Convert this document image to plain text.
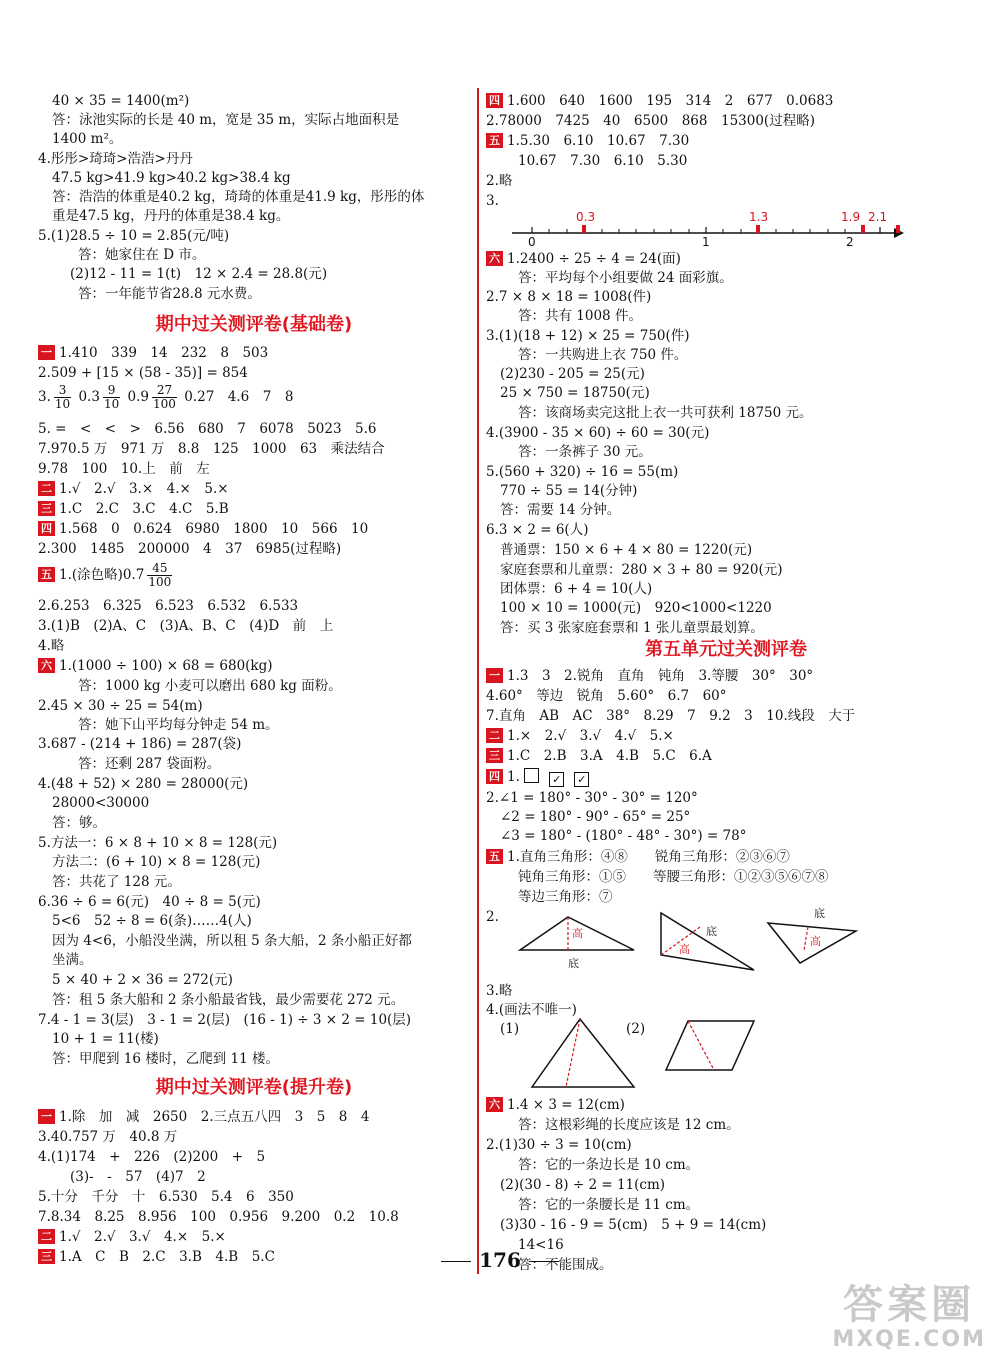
40 × 35 = 1400(m²)
答：泳池实际的长是 40 m，宽是 35 m，实际占地面积是
1400 m²。
4.彤彤>琦琦>浩浩>丹丹
47.5 kg>41.9 kg>40.2 kg>38.4 kg
答：浩浩的体重是40.2 kg，琦琦的体重是41.9 kg，彤彤的体
重是47.5 kg，丹丹的体重是38.4 kg。
5.(1)28.5 ÷ 10 = 2.85(元/吨)
答：她家住在 D 市。
(2)12 - 11 = 1(t)　12 × 2.4 = 28.8(元)
答：一年能节省28.8 元水费。
期中过关测评卷(基础卷)
一 1.410　339　14　232　8　503
2.509 + [15 × (58 - 35)] = 854
3. $\frac{3}{10} 0.3 \frac{9}{10} 0.9 \frac{27}{100} 0.27$　4.6　7　8
5. =　<　<　>　6.56　680　7　6078　5023　5.6
7.970.5 万　971 万　8.8　125　1000　63　乘法结合
9.78　100　10.上　前　左
二 1.√　2.√　3.×　4.×　5.×
三 1.C　2.C　3.C　4.C　5.B
四 1.568　0　0.624　6980　1800　10　566　10
2.300　1485　200000　4　37　6985(过程略)
五 1.(涂色略)$0.7 \frac{45}{100}$
2.6.253　6.325　6.523　6.532　6.533
3.(1)B　(2)A、C　(3)A、B、C　(4)D　前　上
4.略
六 1.(1000 ÷ 100) × 68 = 680(kg)
答：1000 kg 小麦可以磨出 680 kg 面粉。
2.45 × 30 ÷ 25 = 54(m)
答：她下山平均每分钟走 54 m。
3.687 - (214 + 186) = 287(袋)
答：还剩 287 袋面粉。
4.(48 + 52) × 280 = 28000(元)
28000<30000
答：够。
5.方法一：6 × 8 + 10 × 8 = 128(元)
方法二：(6 + 10) × 8 = 128(元)
答：共花了 128 元。
6.36 ÷ 6 = 6(元)　40 ÷ 8 = 5(元)
5<6　52 ÷ 8 = 6(条)……4(人)
因为 4<6，小船没坐满，所以租 5 条大船，2 条小船正好都
坐满。
5 × 40 + 2 × 36 = 272(元)
答：租 5 条大船和 2 条小船最省钱，最少需要花 272 元。
7.4 - 1 = 3(层)　3 - 1 = 2(层)　(16 - 1) ÷ 3 × 2 = 10(层)
10 + 1 = 11(楼)
答：甲爬到 16 楼时，乙爬到 11 楼。
期中过关测评卷(提升卷)
一 1.除　加　减　2650　2.三点五八四　3　5　8　4
3.40.757 万　40.8 万
4.(1)174　+　226　(2)200　+　5
(3)-　-　57　(4)7　2
5.十分　千分　十　6.530　5.4　6　350
7.8.34　8.25　8.956　100　0.956　9.200　0.2　10.8
二 1.√　2.√　3.√　4.×　5.×
三 1.A　C　B　2.C　3.B　4.B　5.C
四 1.600　640　1600　195　314　2　677　0.0683
2.78000　7425　40　6500　868　15300(过程略)
五 1.5.30　6.10　10.67　7.30
10.67　7.30　6.10　5.30
2.略
3.
0.3	1.3	1.9 2.1
0	1	2
六 1.2400 ÷ 25 ÷ 4 = 24(面)
答：平均每个小组要做 24 面彩旗。
2.7 × 8 × 18 = 1008(件)
答：共有 1008 件。
3.(1)(18 + 12) × 25 = 750(件)
答：一共购进上衣 750 件。
(2)230 - 205 = 25(元)
25 × 750 = 18750(元)
答：该商场卖完这批上衣一共可获利 18750 元。
4.(3900 - 35 × 60) ÷ 60 = 30(元)
答：一条裤子 30 元。
5.(560 + 320) ÷ 16 = 55(m)
770 ÷ 55 = 14(分钟)
答：需要 14 分钟。
6.3 × 2 = 6(人)
普通票：150 × 6 + 4 × 80 = 1220(元)
家庭套票和儿童票：280 × 3 + 80 = 920(元)
团体票：6 + 4 = 10(人)
100 × 10 = 1000(元)　920<1000<1220
答：买 3 张家庭套票和 1 张儿童票最划算。
第五单元过关测评卷
一 1.3　3　2.锐角　直角　钝角　3.等腰　30°　30°
4.60°　等边　锐角　5.60°　6.7　60°
7.直角　AB　AC　38°　8.29　7　9.2　3　10.线段　大于
二 1.×　2.√　3.√　4.√　5.×
三 1.C　2.B　3.A　4.B　5.C　6.A
四 1.	✓ ✓
2.∠1 = 180° - 30° - 30° = 120°
∠2 = 180° - 90° - 65° = 25°
∠3 = 180° - (180° - 48° - 30°) = 78°
五 1.直角三角形：④⑧　　锐角三角形：②③⑥⑦
钝角三角形：①⑤　　等腰三角形：①②③⑤⑥⑦⑧
等边三角形：⑦
2.
高
底
高
底
高
底
3.略
4.(画法不唯一)
(1)	(2)
六 1.4 × 3 = 12(cm)
答：这根彩绳的长度应该是 12 cm。
2.(1)30 ÷ 3 = 10(cm)
答：它的一条边长是 10 cm。
(2)(30 - 8) ÷ 2 = 11(cm)
答：它的一条腰长是 11 cm。
(3)30 - 16 - 9 = 5(cm)　5 + 9 = 14(cm)
14<16
答：不能围成。
176
答案圈
MXQE.COM
